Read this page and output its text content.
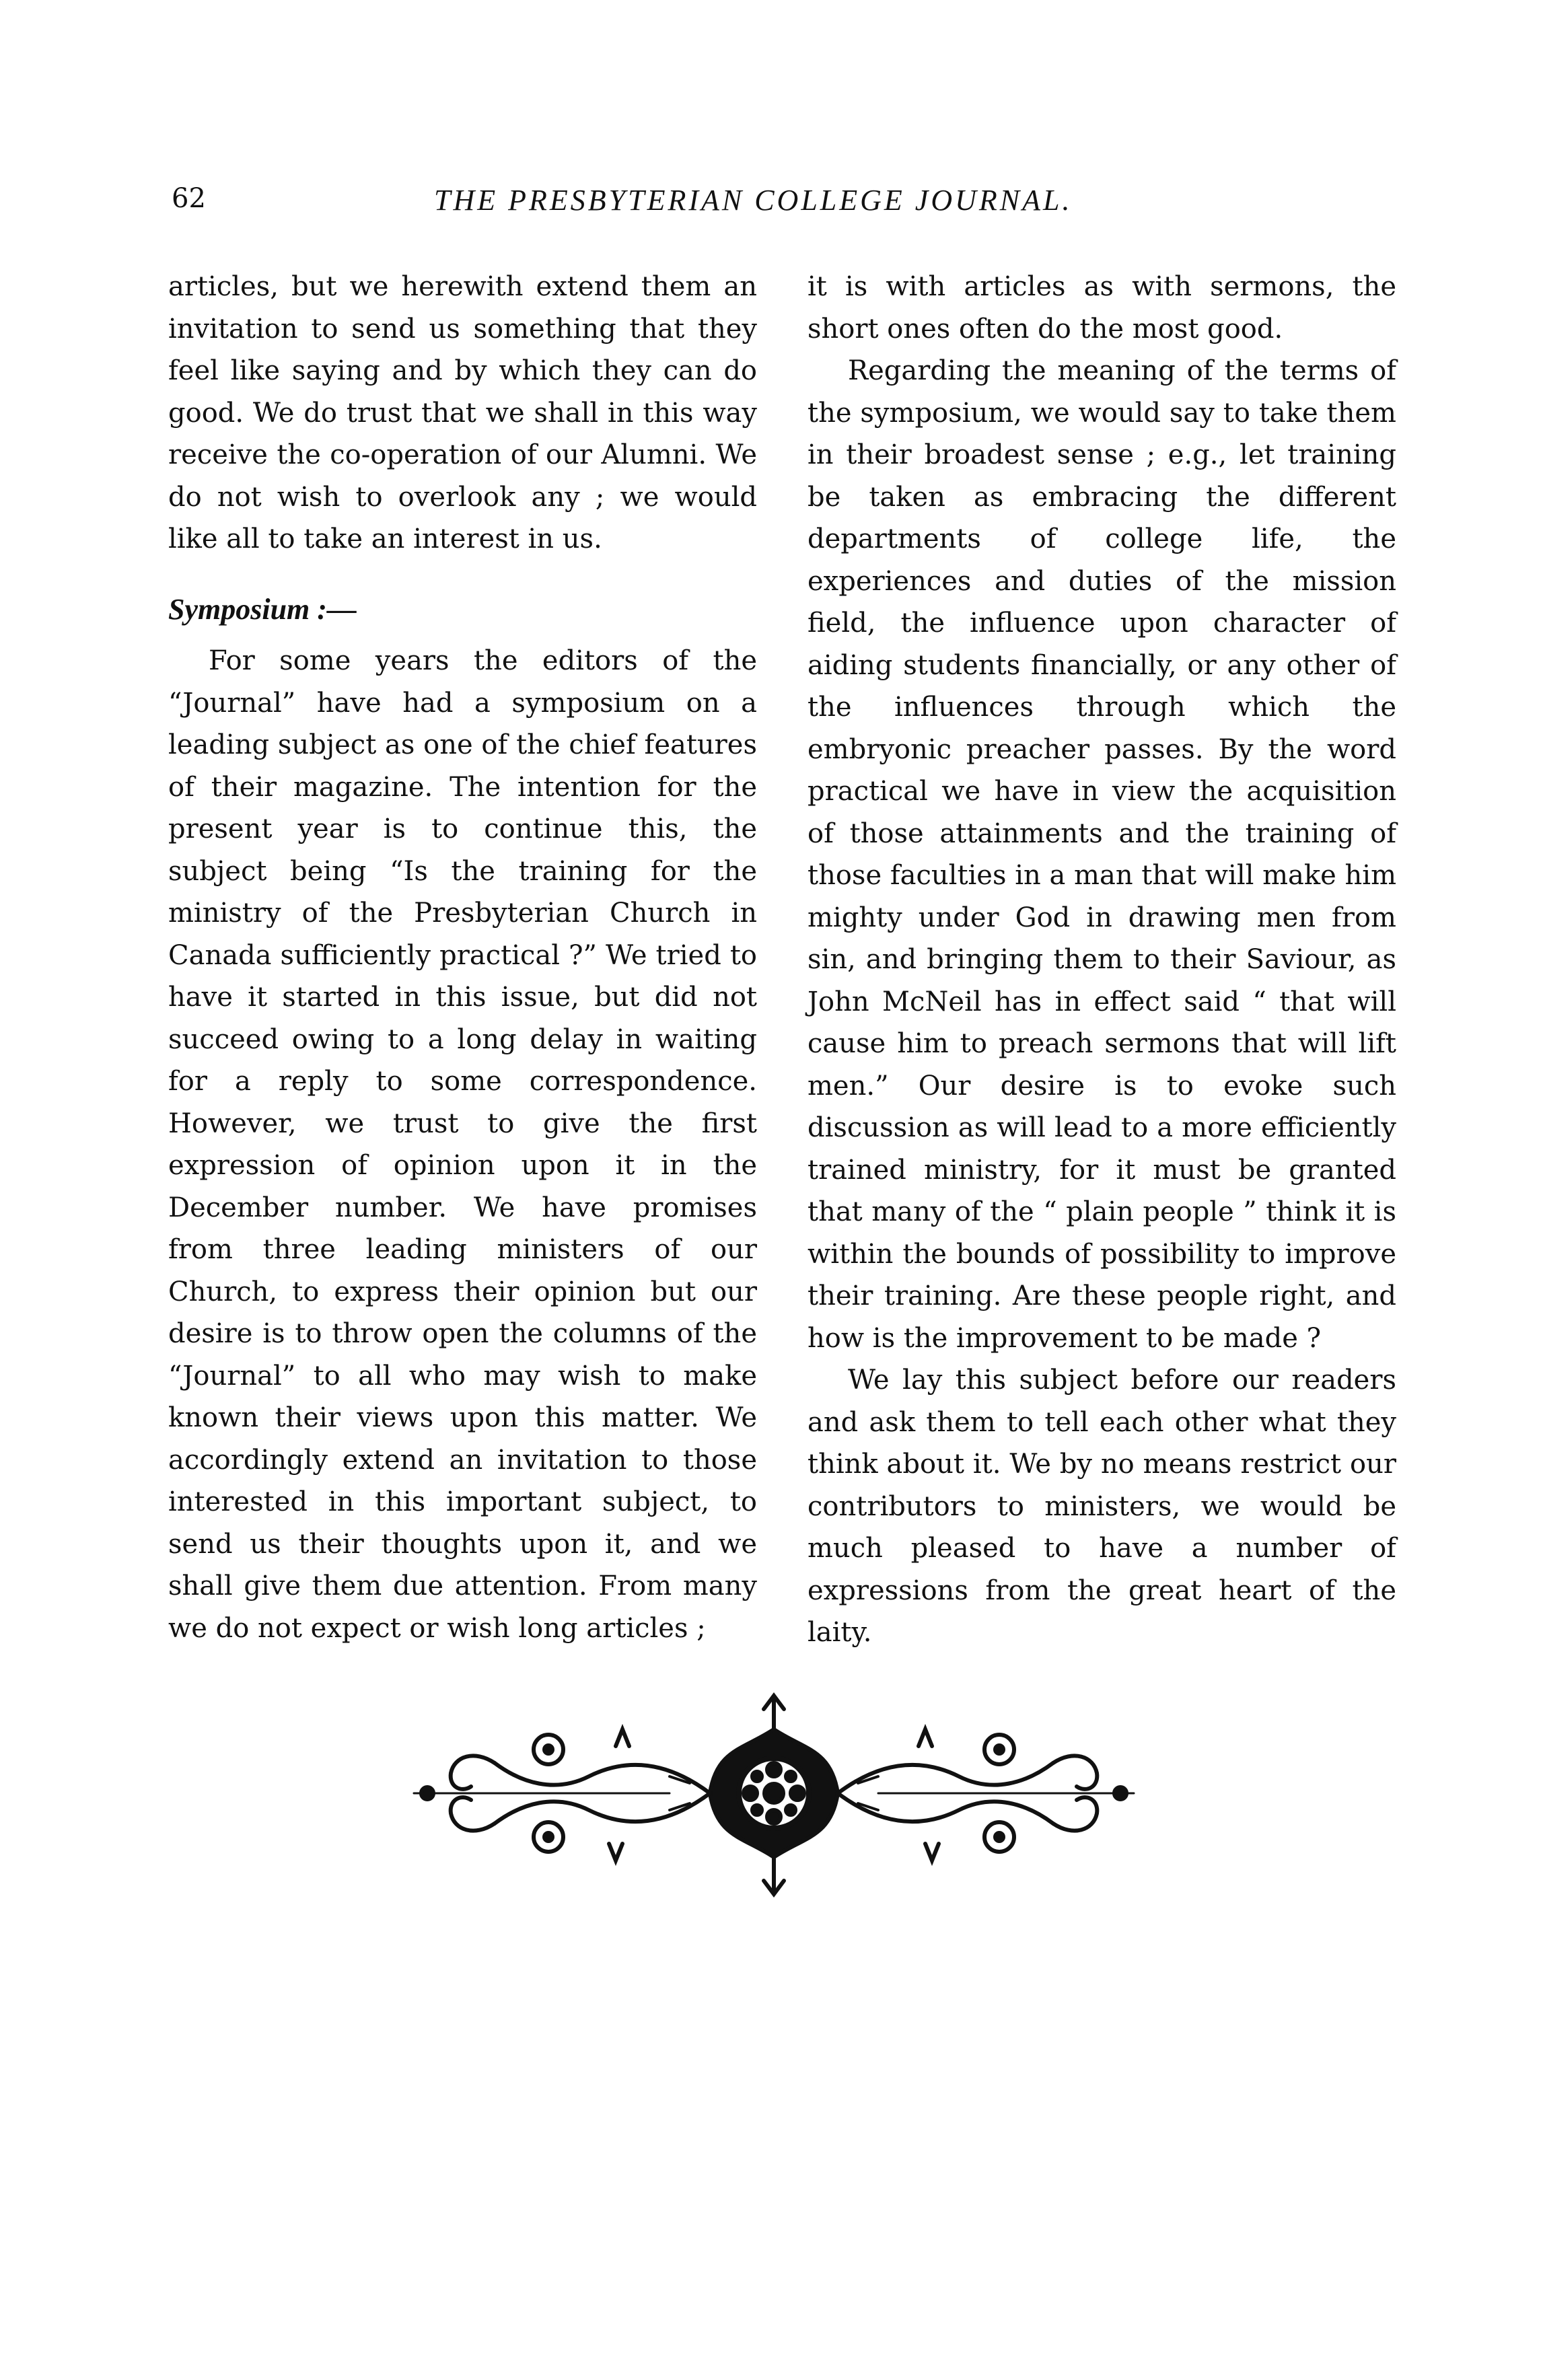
62	THE PRESBYTERIAN COLLEGE JOURNAL.

articles, but we herewith extend them an invitation to send us something that they feel like saying and by which they can do good. We do trust that we shall in this way receive the co-operation of our Alumni. We do not wish to overlook any ; we would like all to take an interest in us.

Symposium :—

For some years the editors of the “Journal” have had a symposium on a leading subject as one of the chief features of their magazine. The intention for the present year is to continue this, the subject being “Is the training for the ministry of the Presbyterian Church in Canada sufficiently practical ?” We tried to have it started in this issue, but did not succeed owing to a long delay in waiting for a reply to some correspondence. However, we trust to give the first expression of opinion upon it in the December number. We have promises from three leading ministers of our Church, to express their opinion but our desire is to throw open the columns of the “Journal” to all who may wish to make known their views upon this matter. We accordingly extend an invitation to those interested in this important subject, to send us their thoughts upon it, and we shall give them due attention. From many we do not expect or wish long articles ;

it is with articles as with sermons, the short ones often do the most good.

Regarding the meaning of the terms of the symposium, we would say to take them in their broadest sense ; e.g., let training be taken as embracing the different departments of college life, the experiences and duties of the mission field, the influence upon character of aiding students financially, or any other of the influences through which the embryonic preacher passes. By the word practical we have in view the acquisition of those attainments and the training of those faculties in a man that will make him mighty under God in drawing men from sin, and bringing them to their Saviour, as John McNeil has in effect said “ that will cause him to preach sermons that will lift men.” Our desire is to evoke such discussion as will lead to a more efficiently trained ministry, for it must be granted that many of the “ plain people ” think it is within the bounds of possibility to improve their training. Are these people right, and how is the improvement to be made ?

We lay this subject before our readers and ask them to tell each other what they think about it. We by no means restrict our contributors to ministers, we would be much pleased to have a number of expressions from the great heart of the laity.
